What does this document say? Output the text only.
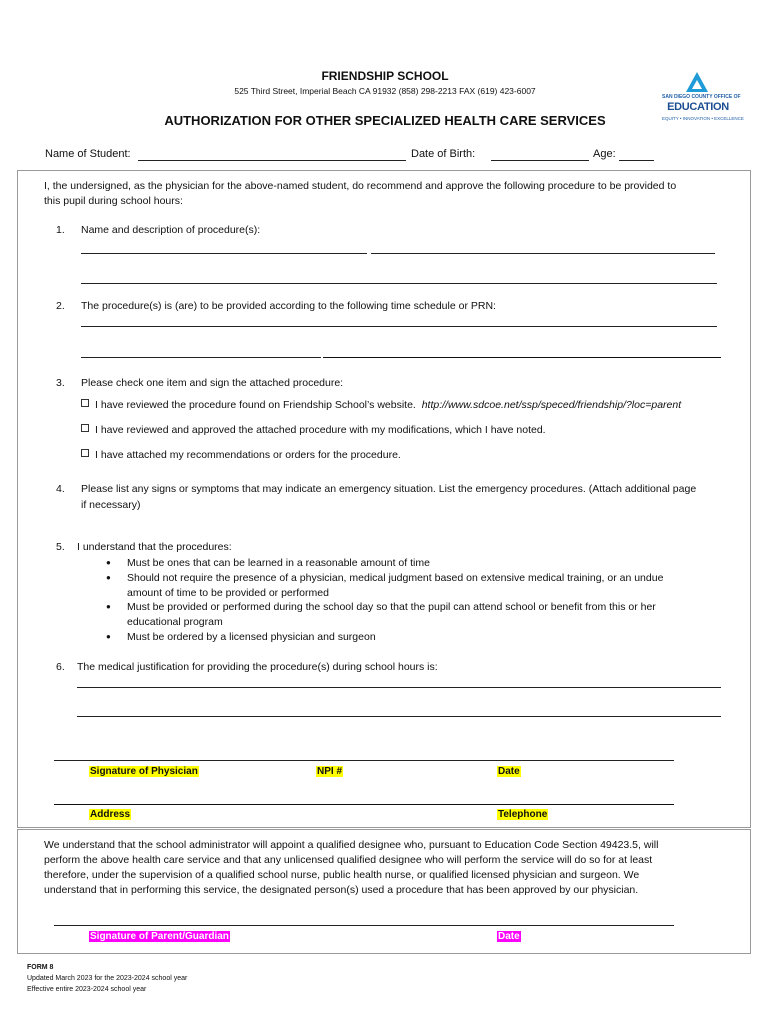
FRIENDSHIP SCHOOL
525 Third Street, Imperial Beach CA 91932 (858) 298-2213 FAX (619) 423-6007
AUTHORIZATION FOR OTHER SPECIALIZED HEALTH CARE SERVICES
SAN DIEGO COUNTY OFFICE OF
EDUCATION
EQUITY • INNOVATION • EXCELLENCE
Name of Student:	Date of Birth:	Age:
I, the undersigned, as the physician for the above-named student, do recommend and approve the following procedure to be provided to
this pupil during school hours:
1. Name and description of procedure(s):
2. The procedure(s) is (are) to be provided according to the following time schedule or PRN:
3. Please check one item and sign the attached procedure:
I have reviewed the procedure found on Friendship School’s website. http://www.sdcoe.net/ssp/speced/friendship/?loc=parent
I have reviewed and approved the attached procedure with my modifications, which I have noted.
I have attached my recommendations or orders for the procedure.
4. Please list any signs or symptoms that may indicate an emergency situation. List the emergency procedures. (Attach additional page
if necessary)
5. I understand that the procedures:
● Must be ones that can be learned in a reasonable amount of time
● Should not require the presence of a physician, medical judgment based on extensive medical training, or an undue
amount of time to be provided or performed
● Must be provided or performed during the school day so that the pupil can attend school or benefit from this or her
educational program
● Must be ordered by a licensed physician and surgeon
6. The medical justification for providing the procedure(s) during school hours is:
Signature of Physician	NPI #	Date
Address	Telephone
We understand that the school administrator will appoint a qualified designee who, pursuant to Education Code Section 49423.5, will
perform the above health care service and that any unlicensed qualified designee who will perform the service will do so for at least
therefore, under the supervision of a qualified school nurse, public health nurse, or qualified licensed physician and surgeon. We
understand that in performing this service, the designated person(s) used a procedure that has been approved by our physician.
Signature of Parent/Guardian	Date
FORM 8
Updated March 2023 for the 2023-2024 school year
Effective entire 2023-2024 school year
